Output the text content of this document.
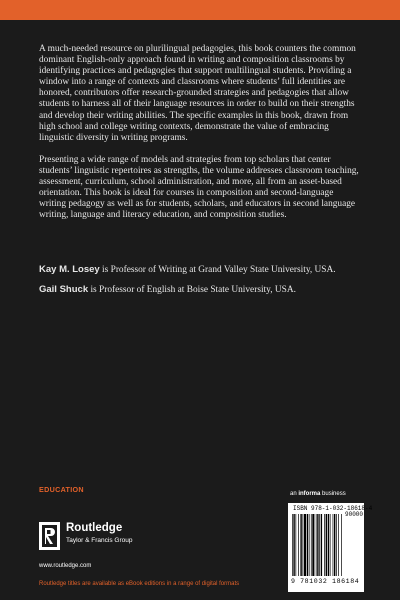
A much-needed resource on plurilingual pedagogies, this book counters the common dominant English-only approach found in writing and composition classrooms by identifying practices and pedagogies that support multilingual students. Providing a window into a range of contexts and classrooms where students’ full identities are honored, contributors offer research-grounded strategies and pedagogies that allow students to harness all of their language resources in order to build on their strengths and develop their writing abilities. The specific examples in this book, drawn from high school and college writing contexts, demonstrate the value of embracing linguistic diversity in writing programs.

Presenting a wide range of models and strategies from top scholars that center students’ linguistic repertoires as strengths, the volume addresses classroom teaching, assessment, curriculum, school administration, and more, all from an asset-based orientation. This book is ideal for courses in composition and second-language writing pedagogy as well as for students, scholars, and educators in second language writing, language and literacy education, and composition studies.

Kay M. Losey is Professor of Writing at Grand Valley State University, USA.

Gail Shuck is Professor of English at Boise State University, USA.

EDUCATION
Routledge
Taylor & Francis Group
www.routledge.com
Routledge titles are available as eBook editions in a range of digital formats
an informa business
ISBN 978-1-032-18618-4
90000
9 781032 186184
